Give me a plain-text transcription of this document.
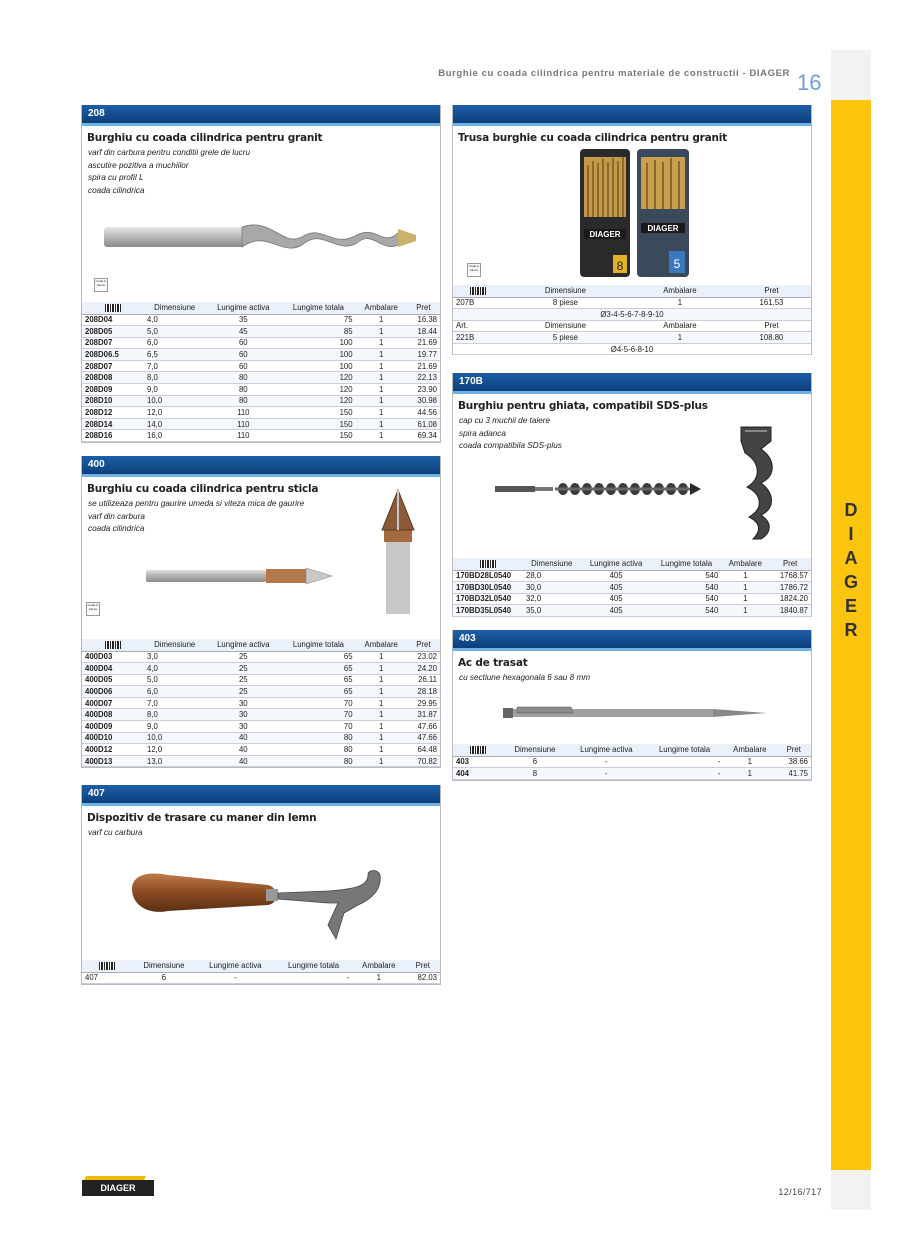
Burghie cu coada cilindrica pentru materiale de constructii - DIAGER 16
D
I
A
G
E
R
208
Burghiu cu coada cilindrica pentru granit
varf din carbura pentru conditii grele de lucru
ascutire pozitiva a muchiilor
spira cu profil L
coada cilindrica
made in france
	Dimensiune	Lungime activa	Lungime totala	Ambalare	Pret
208D04	4,0	35	75	1	16.38
208D05	5,0	45	85	1	18.44
208D07	6,0	60	100	1	21.69
208D06.5	6,5	60	100	1	19.77
208D07	7,0	60	100	1	21.69
208D08	8,0	80	120	1	22.13
208D09	9,0	80	120	1	23.90
208D10	10,0	80	120	1	30.98
208D12	12,0	110	150	1	44.56
208D14	14,0	110	150	1	61.08
208D16	16,0	110	150	1	69.34
Trusa burghie cu coada cilindrica pentru granit
DIAGER
8
DIAGER
5
made in france
	Dimensiune	Ambalare	Pret
207B	8 piese	1	161.53
Ø3-4-5-6-7-8-9-10			
Art.	Dimensiune	Ambalare	Pret
221B	5 piese	1	108.80
Ø4-5-6-8-10			
170B
Burghiu pentru ghiata, compatibil SDS-plus
cap cu 3 muchii de taiere
spira adanca
coada compatibila SDS-plus
	Dimensiune	Lungime activa	Lungime totala	Ambalare	Pret
170BD28L0540	28,0	405	540	1	1768.57
170BD30L0540	30,0	405	540	1	1786.72
170BD32L0540	32,0	405	540	1	1824.20
170BD35L0540	35,0	405	540	1	1840.87
400
Burghiu cu coada cilindrica pentru sticla
se utilizeaza pentru gaurire umeda si viteza mica de gaurire
varf din carbura
coada cilindrica
made in france
	Dimensiune	Lungime activa	Lungime totala	Ambalare	Pret
400D03	3,0	25	65	1	23.02
400D04	4,0	25	65	1	24.20
400D05	5,0	25	65	1	26.11
400D06	6,0	25	65	1	28.18
400D07	7,0	30	70	1	29.95
400D08	8,0	30	70	1	31.87
400D09	9,0	30	70	1	47.66
400D10	10,0	40	80	1	47.66
400D12	12,0	40	80	1	64.48
400D13	13,0	40	80	1	70.82
403
Ac de trasat
cu sectiune hexagonala 6 sau 8 mm
	Dimensiune	Lungime activa	Lungime totala	Ambalare	Pret
403	6	-	-	1	38.66
404	8	-	-	1	41.75
407
Dispozitiv de trasare cu maner din lemn
varf cu carbura
	Dimensiune	Lungime activa	Lungime totala	Ambalare	Pret
407	6	-	-	1	82.03
DIAGER	12/16/717
